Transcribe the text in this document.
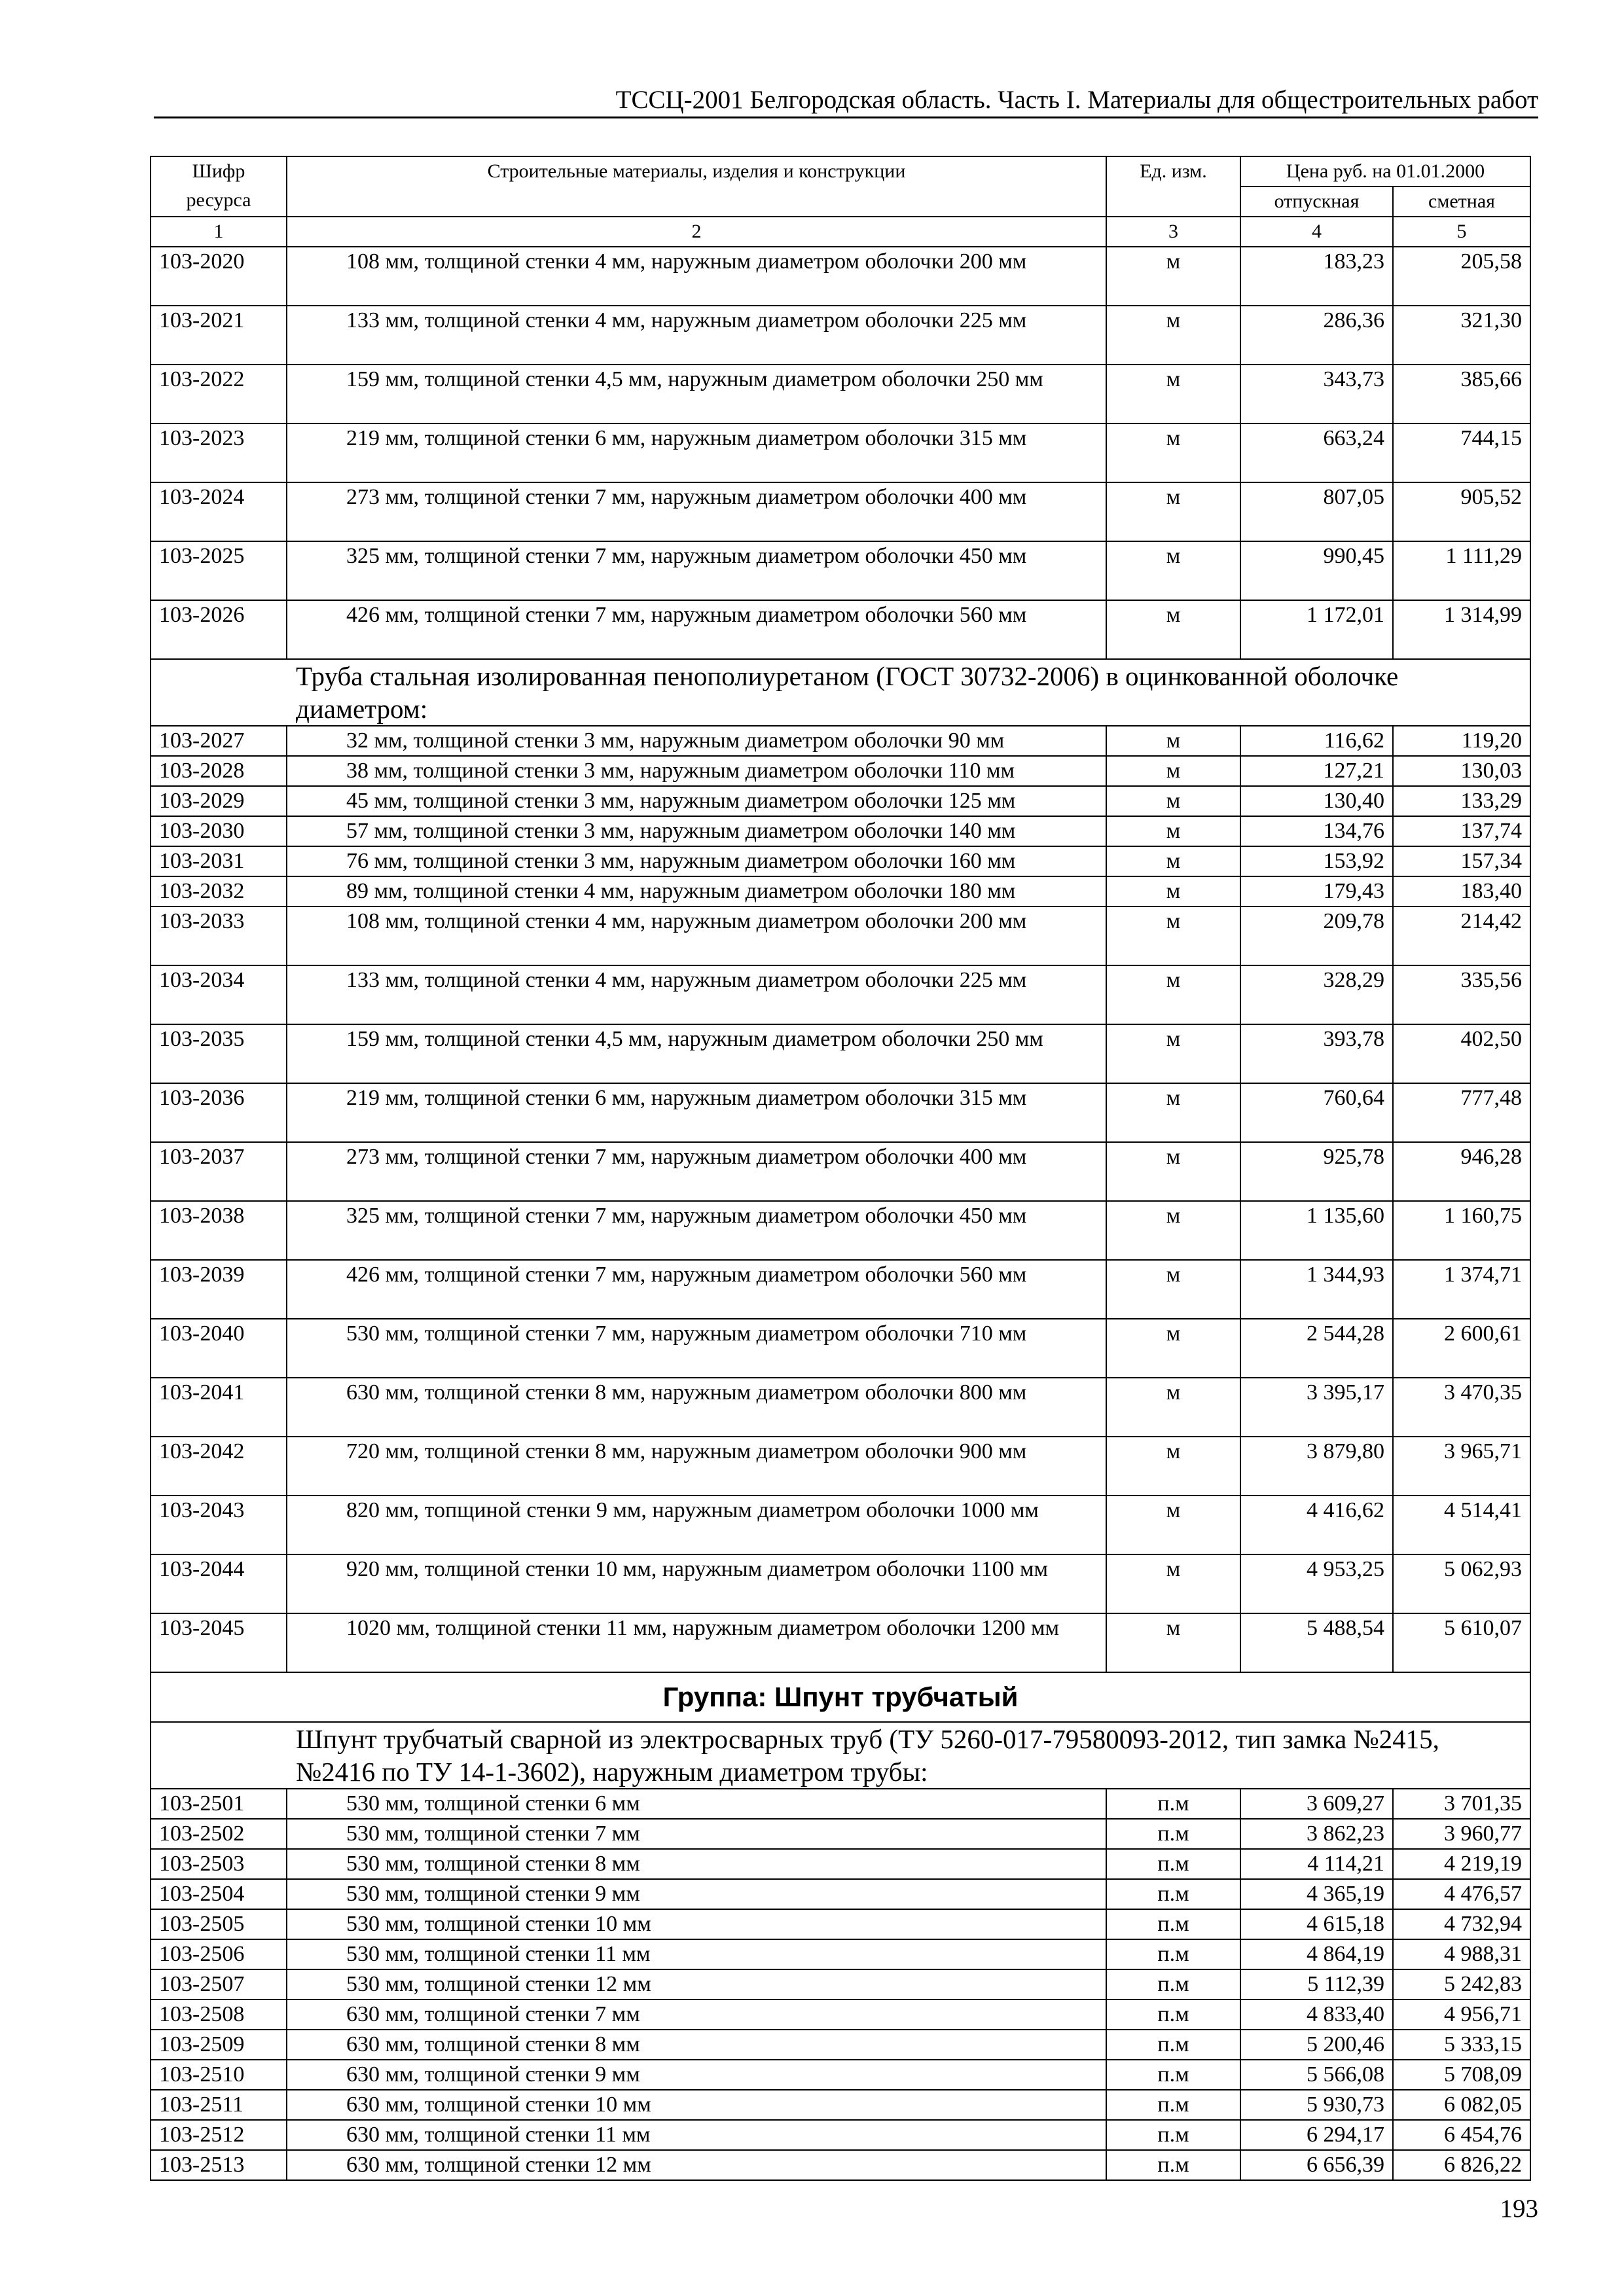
ТССЦ-2001 Белгородская область. Часть I. Материалы для общестроительных работ
Шифр ресурса	Строительные материалы, изделия и конструкции	Ед. изм.	Цена руб. на 01.01.2000	
			отпускная	сметная
1	2	3	4	5
103-2020	108 мм, толщиной стенки 4 мм, наружным диаметром оболочки 200 мм	м	183,23	205,58
103-2021	133 мм, толщиной стенки 4 мм, наружным диаметром оболочки 225 мм	м	286,36	321,30
103-2022	159 мм, толщиной стенки 4,5 мм, наружным диаметром оболочки 250 мм	м	343,73	385,66
103-2023	219 мм, толщиной стенки 6 мм, наружным диаметром оболочки 315 мм	м	663,24	744,15
103-2024	273 мм, толщиной стенки 7 мм, наружным диаметром оболочки 400 мм	м	807,05	905,52
103-2025	325 мм, толщиной стенки 7 мм, наружным диаметром оболочки 450 мм	м	990,45	1 111,29
103-2026	426 мм, толщиной стенки 7 мм, наружным диаметром оболочки 560 мм	м	1 172,01	1 314,99
Труба стальная изолированная пенополиуретаном (ГОСТ 30732-2006) в оцинкованной оболочке диаметром:				
103-2027	32 мм, толщиной стенки 3 мм, наружным диаметром оболочки 90 мм	м	116,62	119,20
103-2028	38 мм, толщиной стенки 3 мм, наружным диаметром оболочки 110 мм	м	127,21	130,03
103-2029	45 мм, толщиной стенки 3 мм, наружным диаметром оболочки 125 мм	м	130,40	133,29
103-2030	57 мм, толщиной стенки 3 мм, наружным диаметром оболочки 140 мм	м	134,76	137,74
103-2031	76 мм, толщиной стенки 3 мм, наружным диаметром оболочки 160 мм	м	153,92	157,34
103-2032	89 мм, толщиной стенки 4 мм, наружным диаметром оболочки 180 мм	м	179,43	183,40
103-2033	108 мм, толщиной стенки 4 мм, наружным диаметром оболочки 200 мм	м	209,78	214,42
103-2034	133 мм, толщиной стенки 4 мм, наружным диаметром оболочки 225 мм	м	328,29	335,56
103-2035	159 мм, толщиной стенки 4,5 мм, наружным диаметром оболочки 250 мм	м	393,78	402,50
103-2036	219 мм, толщиной стенки 6 мм, наружным диаметром оболочки 315 мм	м	760,64	777,48
103-2037	273 мм, толщиной стенки 7 мм, наружным диаметром оболочки 400 мм	м	925,78	946,28
103-2038	325 мм, толщиной стенки 7 мм, наружным диаметром оболочки 450 мм	м	1 135,60	1 160,75
103-2039	426 мм, толщиной стенки 7 мм, наружным диаметром оболочки 560 мм	м	1 344,93	1 374,71
103-2040	530 мм, толщиной стенки 7 мм, наружным диаметром оболочки 710 мм	м	2 544,28	2 600,61
103-2041	630 мм, толщиной стенки 8 мм, наружным диаметром оболочки 800 мм	м	3 395,17	3 470,35
103-2042	720 мм, толщиной стенки 8 мм, наружным диаметром оболочки 900 мм	м	3 879,80	3 965,71
103-2043	820 мм, топщиной стенки 9 мм, наружным диаметром оболочки 1000 мм	м	4 416,62	4 514,41
103-2044	920 мм, толщиной стенки 10 мм, наружным диаметром оболочки 1100 мм	м	4 953,25	5 062,93
103-2045	1020 мм, толщиной стенки 11 мм, наружным диаметром оболочки 1200 мм	м	5 488,54	5 610,07
Группа: Шпунт трубчатый				
Шпунт трубчатый сварной из электросварных труб (ТУ 5260-017-79580093-2012, тип замка №2415, №2416 по ТУ 14-1-3602), наружным диаметром трубы:				
103-2501	530 мм, толщиной стенки 6 мм	п.м	3 609,27	3 701,35
103-2502	530 мм, толщиной стенки 7 мм	п.м	3 862,23	3 960,77
103-2503	530 мм, толщиной стенки 8 мм	п.м	4 114,21	4 219,19
103-2504	530 мм, толщиной стенки 9 мм	п.м	4 365,19	4 476,57
103-2505	530 мм, толщиной стенки 10 мм	п.м	4 615,18	4 732,94
103-2506	530 мм, толщиной стенки 11 мм	п.м	4 864,19	4 988,31
103-2507	530 мм, толщиной стенки 12 мм	п.м	5 112,39	5 242,83
103-2508	630 мм, толщиной стенки 7 мм	п.м	4 833,40	4 956,71
103-2509	630 мм, толщиной стенки 8 мм	п.м	5 200,46	5 333,15
103-2510	630 мм, толщиной стенки 9 мм	п.м	5 566,08	5 708,09
103-2511	630 мм, толщиной стенки 10 мм	п.м	5 930,73	6 082,05
103-2512	630 мм, толщиной стенки 11 мм	п.м	6 294,17	6 454,76
103-2513	630 мм, толщиной стенки 12 мм	п.м	6 656,39	6 826,22
193
